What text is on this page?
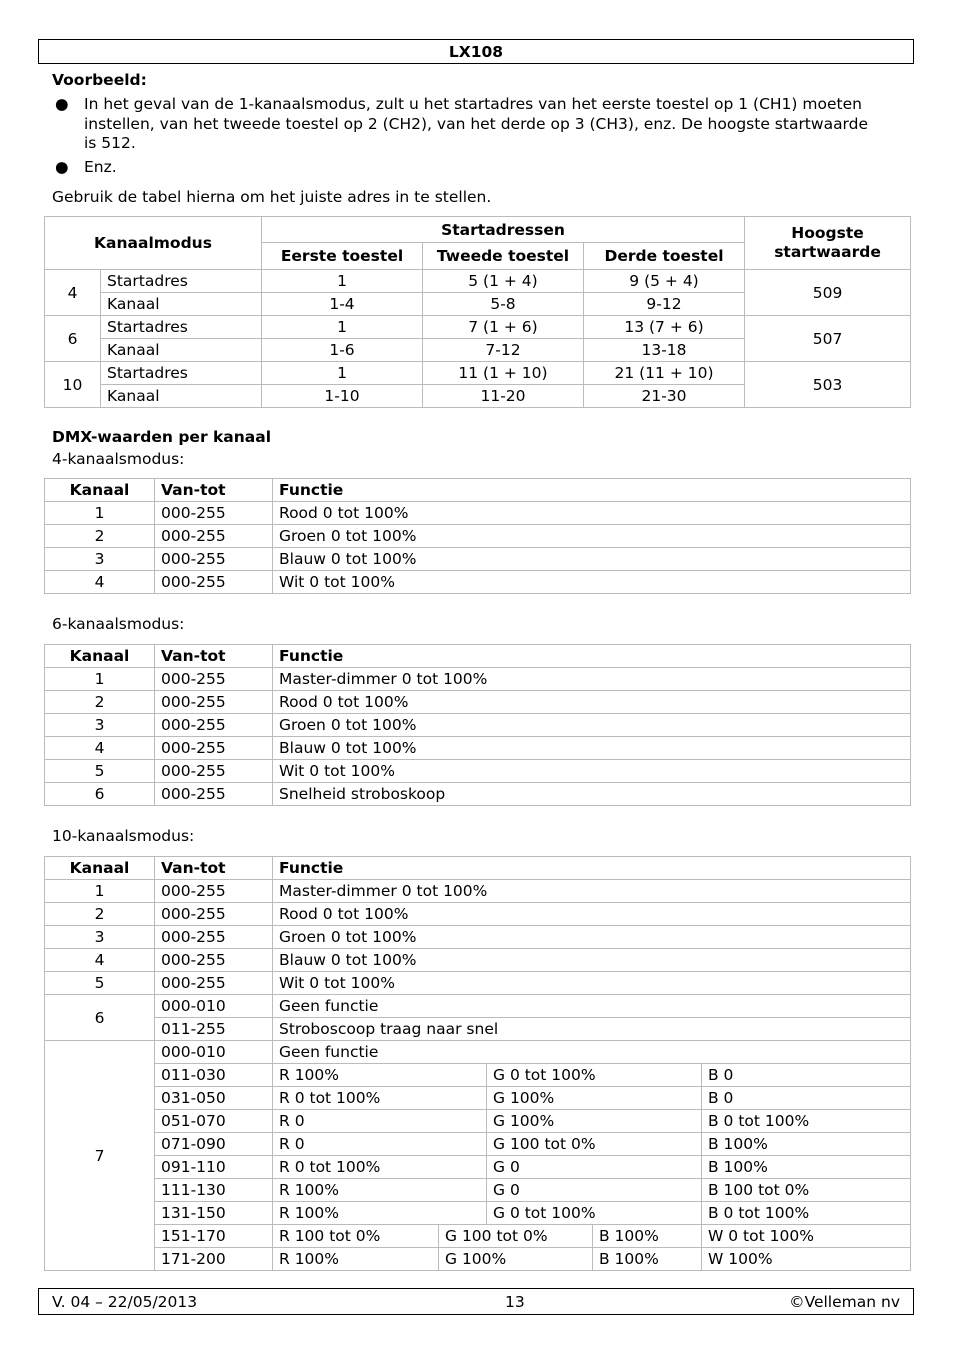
LX108
Voorbeeld:
● In het geval van de 1-kanaalsmodus, zult u het startadres van het eerste toestel op 1 (CH1) moeten
instellen, van het tweede toestel op 2 (CH2), van het derde op 3 (CH3), enz. De hoogste startwaarde
is 512.
● Enz.
Gebruik de tabel hierna om het juiste adres in te stellen.
Kanaalmodus		Startadressen			Hoogste
startwaarde

		Eerste toestel	Tweede toestel	Derde toestel	
4	Startadres	1	5 (1 + 4)	9 (5 + 4)	509
	Kanaal	1-4	5-8	9-12	
6	Startadres	1	7 (1 + 6)	13 (7 + 6)	507
	Kanaal	1-6	7-12	13-18	
10	Startadres	1	11 (1 + 10)	21 (11 + 10)	503
	Kanaal	1-10	11-20	21-30	
DMX-waarden per kanaal
4-kanaalsmodus:
Kanaal	Van-tot	Functie
1	000-255	Rood 0 tot 100%
2	000-255	Groen 0 tot 100%
3	000-255	Blauw 0 tot 100%
4	000-255	Wit 0 tot 100%
6-kanaalsmodus:
Kanaal	Van-tot	Functie
1	000-255	Master-dimmer 0 tot 100%
2	000-255	Rood 0 tot 100%
3	000-255	Groen 0 tot 100%
4	000-255	Blauw 0 tot 100%
5	000-255	Wit 0 tot 100%
6	000-255	Snelheid stroboskoop
10-kanaalsmodus:
Kanaal	Van-tot	Functie				
1	000-255	Master-dimmer 0 tot 100%				
2	000-255	Rood 0 tot 100%				
3	000-255	Groen 0 tot 100%				
4	000-255	Blauw 0 tot 100%				
5	000-255	Wit 0 tot 100%				
6	000-010	Geen functie				
	011-255	Stroboscoop traag naar snel				
7	000-010	Geen functie				
	011-030	R 100%		G 0 tot 100%		B 0
	031-050	R 0 tot 100%		G 100%		B 0
	051-070	R 0		G 100%		B 0 tot 100%
	071-090	R 0		G 100 tot 0%		B 100%
	091-110	R 0 tot 100%		G 0		B 100%
	111-130	R 100%		G 0		B 100 tot 0%
	131-150	R 100%		G 0 tot 100%		B 0 tot 100%
	151-170	R 100 tot 0%	G 100 tot 0%		B 100%	W 0 tot 100%
	171-200	R 100%	G 100%		B 100%	W 100%
V. 04 – 22/05/2013	13	©Velleman nv
